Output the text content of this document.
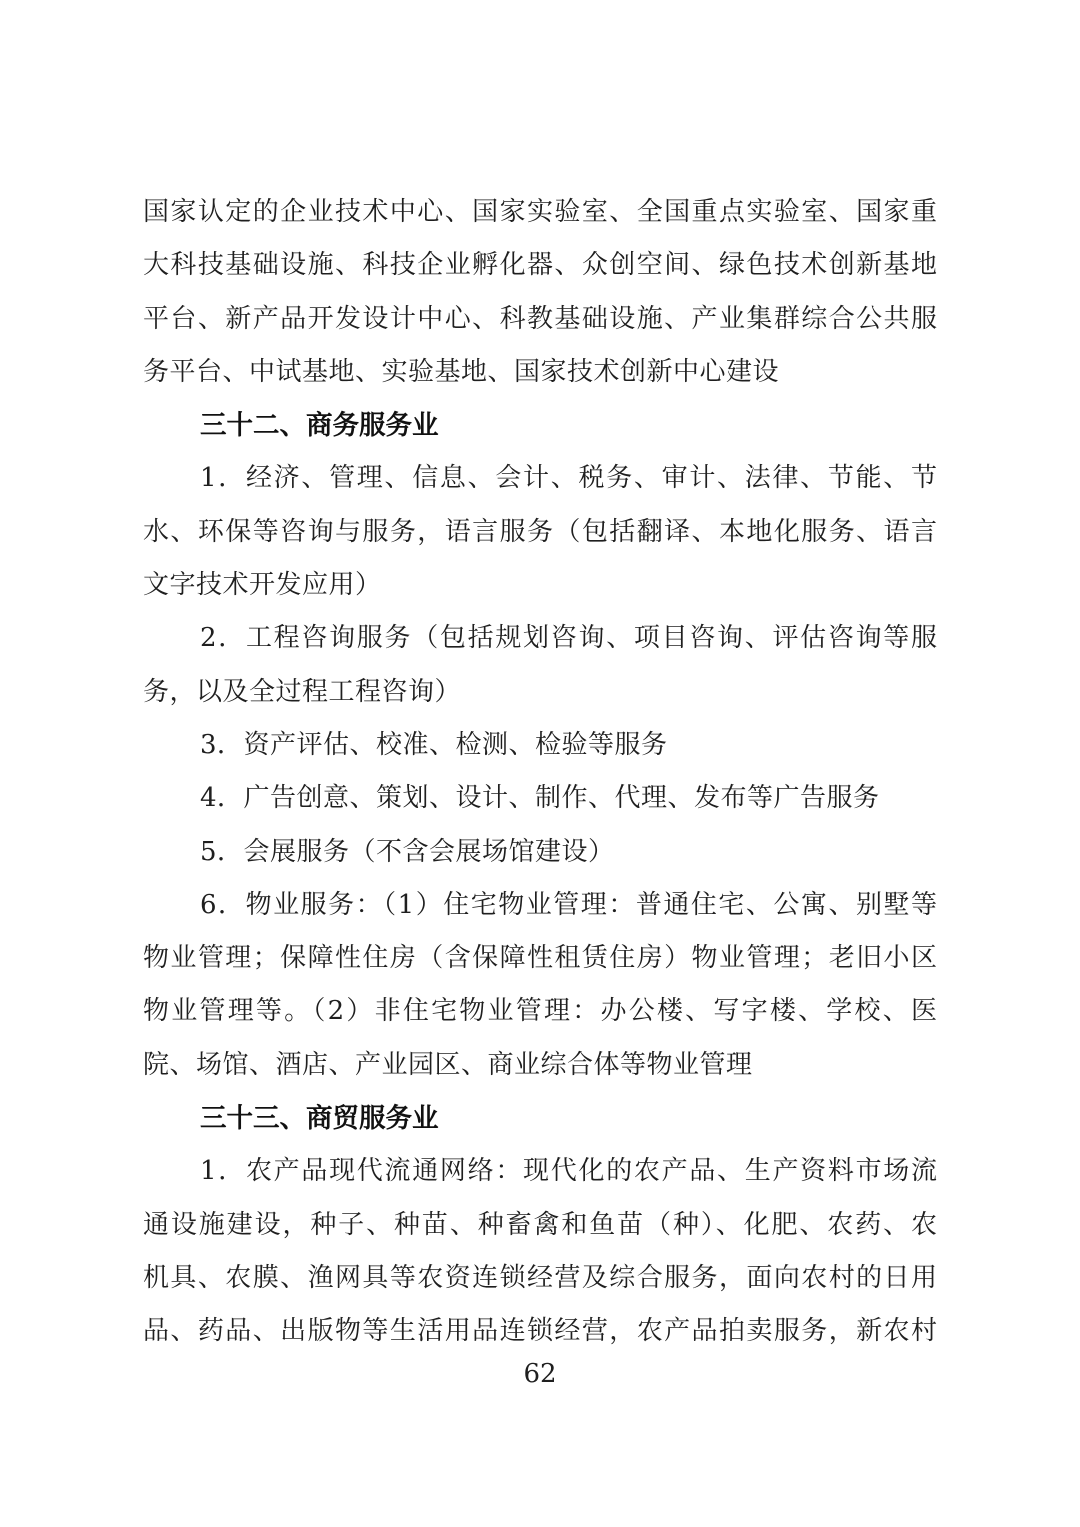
国家认定的企业技术中心、国家实验室、全国重点实验室、国家重
大科技基础设施、科技企业孵化器、众创空间、绿色技术创新基地
平台、新产品开发设计中心、科教基础设施、产业集群综合公共服
务平台、中试基地、实验基地、国家技术创新中心建设

三十二、商务服务业

1．经济、管理、信息、会计、税务、审计、法律、节能、节
水、环保等咨询与服务，语言服务（包括翻译、本地化服务、语言
文字技术开发应用）

2．工程咨询服务（包括规划咨询、项目咨询、评估咨询等服
务，以及全过程工程咨询）

3．资产评估、校准、检测、检验等服务

4．广告创意、策划、设计、制作、代理、发布等广告服务

5．会展服务（不含会展场馆建设）

6．物业服务：（1）住宅物业管理：普通住宅、公寓、别墅等
物业管理；保障性住房（含保障性租赁住房）物业管理；老旧小区
物业管理等。（2）非住宅物业管理：办公楼、写字楼、学校、医
院、场馆、酒店、产业园区、商业综合体等物业管理

三十三、商贸服务业

1．农产品现代流通网络：现代化的农产品、生产资料市场流
通设施建设，种子、种苗、种畜禽和鱼苗（种）、化肥、农药、农
机具、农膜、渔网具等农资连锁经营及综合服务，面向农村的日用
品、药品、出版物等生活用品连锁经营，农产品拍卖服务，新农村

62
